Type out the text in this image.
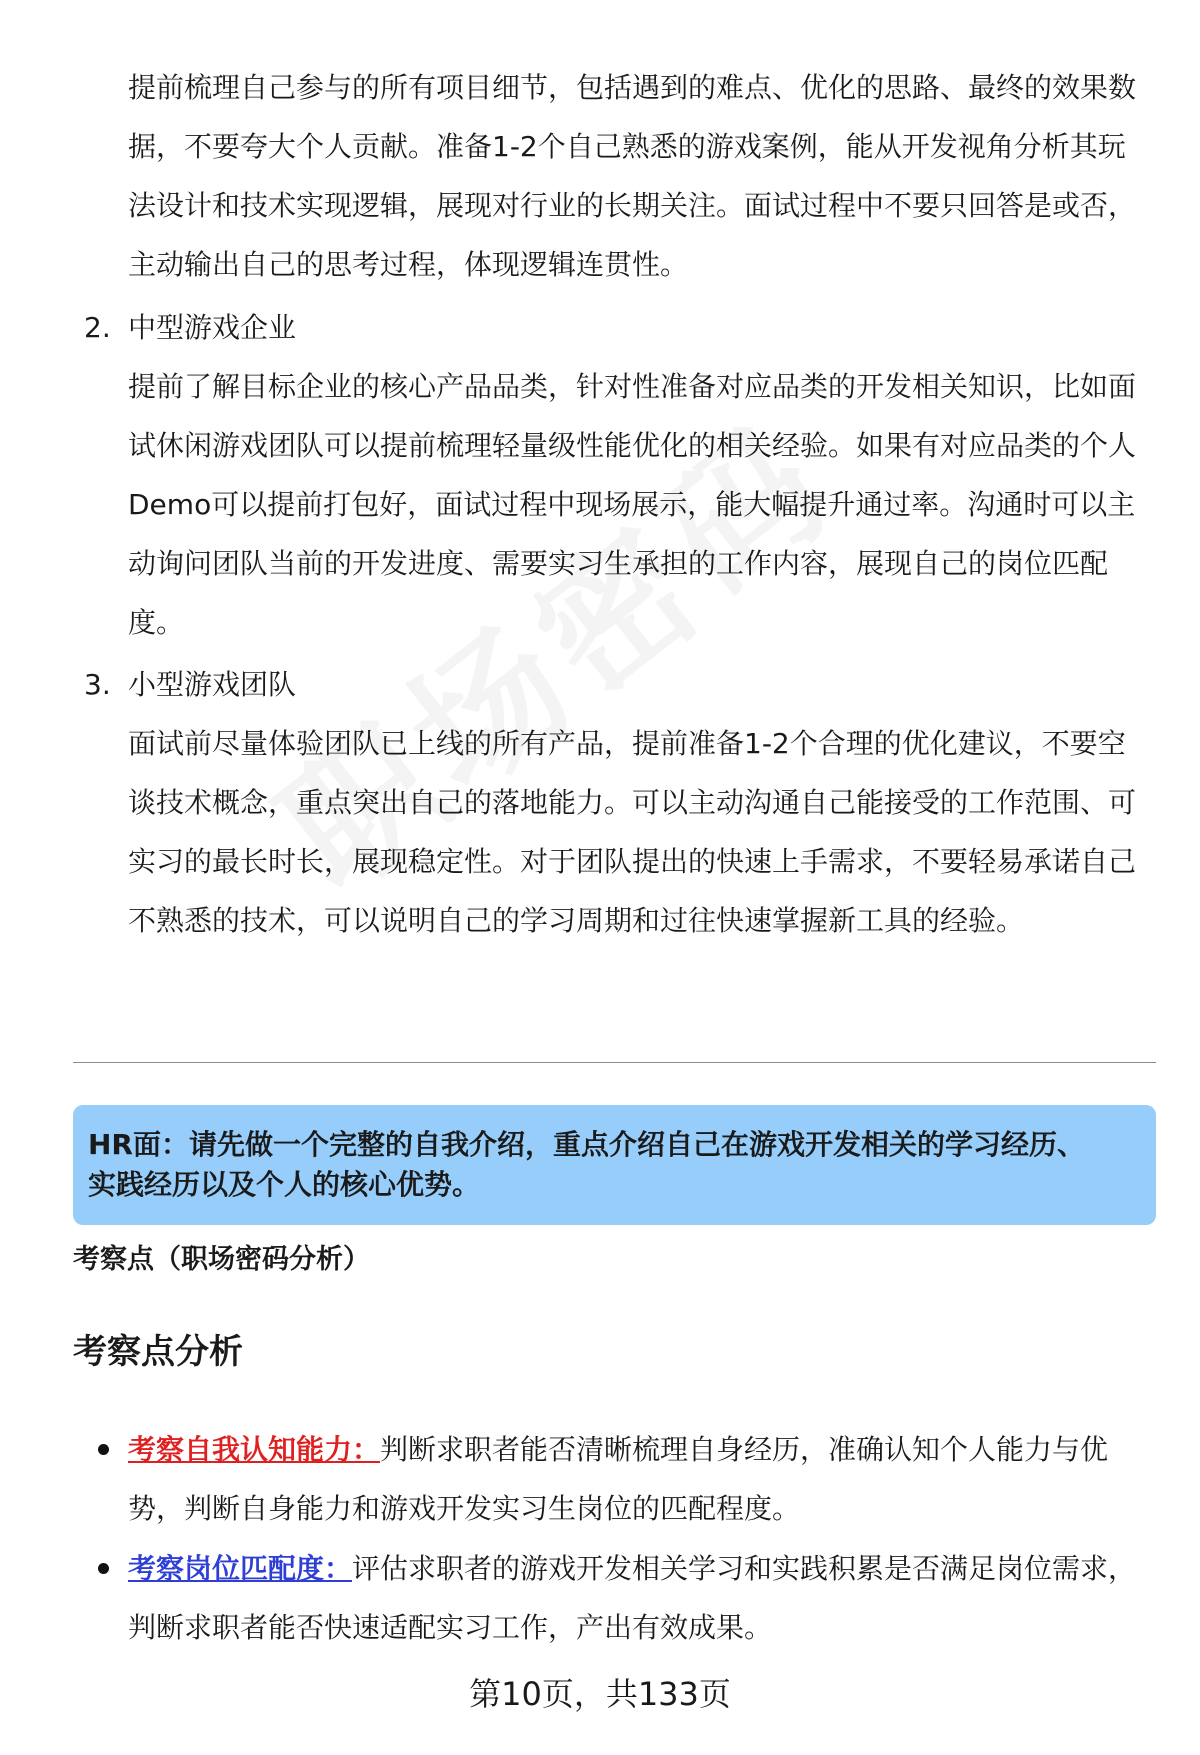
提前梳理自己参与的所有项目细节，包括遇到的难点、优化的思路、最终的效果数据，不要夸大个人贡献。准备1-2个自己熟悉的游戏案例，能从开发视角分析其玩法设计和技术实现逻辑，展现对行业的长期关注。面试过程中不要只回答是或否，主动输出自己的思考过程，体现逻辑连贯性。

2. 中型游戏企业

提前了解目标企业的核心产品品类，针对性准备对应品类的开发相关知识，比如面试休闲游戏团队可以提前梳理轻量级性能优化的相关经验。如果有对应品类的个人Demo可以提前打包好，面试过程中现场展示，能大幅提升通过率。沟通时可以主动询问团队当前的开发进度、需要实习生承担的工作内容，展现自己的岗位匹配度。

3. 小型游戏团队

面试前尽量体验团队已上线的所有产品，提前准备1-2个合理的优化建议，不要空谈技术概念，重点突出自己的落地能力。可以主动沟通自己能接受的工作范围、可实习的最长时长，展现稳定性。对于团队提出的快速上手需求，不要轻易承诺自己不熟悉的技术，可以说明自己的学习周期和过往快速掌握新工具的经验。

HR面：请先做一个完整的自我介绍，重点介绍自己在游戏开发相关的学习经历、实践经历以及个人的核心优势。
考察点（职场密码分析）
考察点分析

考察自我认知能力：判断求职者能否清晰梳理自身经历，准确认知个人能力与优势，判断自身能力和游戏开发实习生岗位的匹配程度。

考察岗位匹配度：评估求职者的游戏开发相关学习和实践积累是否满足岗位需求，判断求职者能否快速适配实习工作，产出有效成果。

第10页，共133页
